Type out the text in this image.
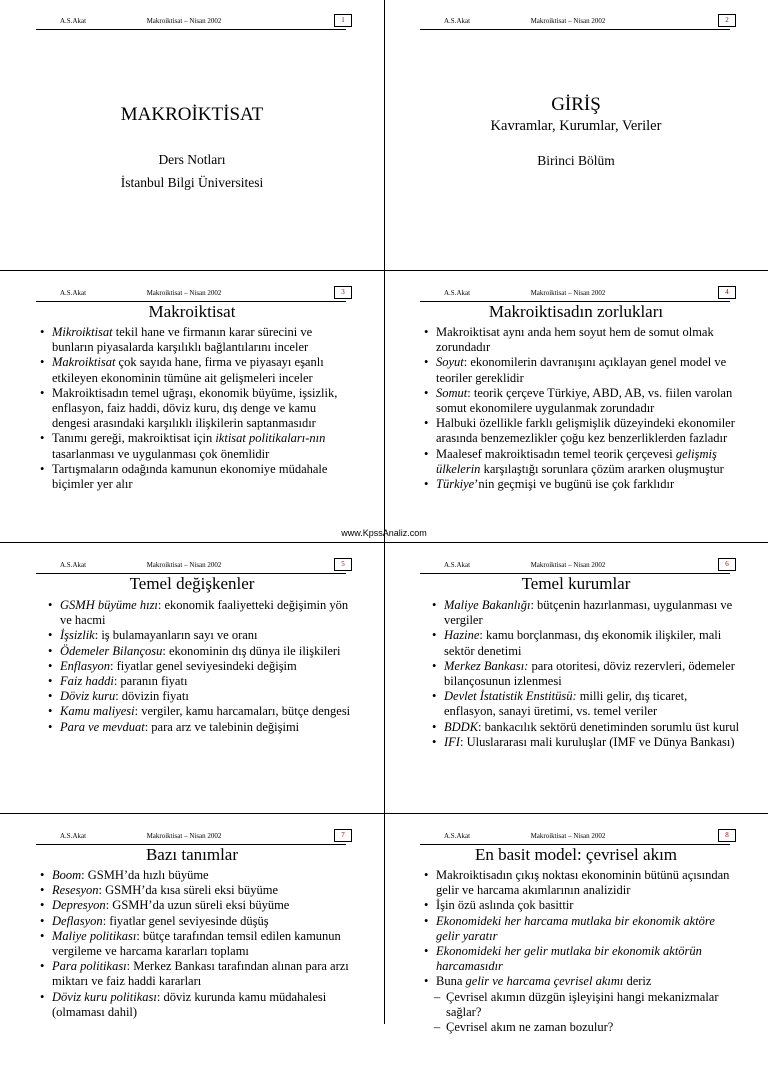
A.S.Akat	Makroiktisat – Nisan 2002	1
MAKROİKTİSAT
Ders Notları
İstanbul Bilgi Üniversitesi
A.S.Akat	Makroiktisat – Nisan 2002	2
GİRİŞ
Kavramlar, Kurumlar, Veriler
Birinci Bölüm
A.S.Akat	Makroiktisat – Nisan 2002	3
Makroiktisat
• Mikroiktisat tekil hane ve firmanın karar sürecini ve bunların piyasalarda karşılıklı bağlantılarını inceler
• Makroiktisat çok sayıda hane, firma ve piyasayı eşanlı etkileyen ekonominin tümüne ait gelişmeleri inceler
• Makroiktisadın temel uğraşı, ekonomik büyüme, işsizlik, enflasyon, faiz haddi, döviz kuru, dış denge ve kamu dengesi arasındaki karşılıklı ilişkilerin saptanmasıdır
• Tanımı gereği, makroiktisat için iktisat politikaları-nın tasarlanması ve uygulanması çok önemlidir
• Tartışmaların odağında kamunun ekonomiye müdahale biçimler yer alır
A.S.Akat	Makroiktisat – Nisan 2002	4
Makroiktisadın zorlukları
• Makroiktisat aynı anda hem soyut hem de somut olmak zorundadır
• Soyut: ekonomilerin davranışını açıklayan genel model ve teoriler gereklidir
• Somut: teorik çerçeve Türkiye, ABD, AB, vs. fiilen varolan somut ekonomilere uygulanmak zorundadır
• Halbuki özellikle farklı gelişmişlik düzeyindeki ekonomiler arasında benzemezlikler çoğu kez benzerliklerden fazladır
• Maalesef makroiktisadın temel teorik çerçevesi gelişmiş ülkelerin karşılaştığı sorunlara çözüm ararken oluşmuştur
• Türkiye’nin geçmişi ve bugünü ise çok farklıdır
A.S.Akat	Makroiktisat – Nisan 2002	5
Temel değişkenler
• GSMH büyüme hızı: ekonomik faaliyetteki değişimin yön ve hacmi
• İşsizlik: iş bulamayanların sayı ve oranı
• Ödemeler Bilançosu: ekonominin dış dünya ile ilişkileri
• Enflasyon: fiyatlar genel seviyesindeki değişim
• Faiz haddi: paranın fiyatı
• Döviz kuru: dövizin fiyatı
• Kamu maliyesi: vergiler, kamu harcamaları, bütçe dengesi
• Para ve mevduat: para arz ve talebinin değişimi
A.S.Akat	Makroiktisat – Nisan 2002	6
Temel kurumlar
• Maliye Bakanlığı: bütçenin hazırlanması, uygulanması ve vergiler
• Hazine: kamu borçlanması, dış ekonomik ilişkiler, mali sektör denetimi
• Merkez Bankası: para otoritesi, döviz rezervleri, ödemeler bilançosunun izlenmesi
• Devlet İstatistik Enstitüsü: milli gelir, dış ticaret, enflasyon, sanayi üretimi, vs. temel veriler
• BDDK: bankacılık sektörü denetiminden sorumlu üst kurul
• IFI: Uluslararası mali kuruluşlar (IMF ve Dünya Bankası)
A.S.Akat	Makroiktisat – Nisan 2002	7
Bazı tanımlar
• Boom: GSMH’da hızlı büyüme
• Resesyon: GSMH’da kısa süreli eksi büyüme
• Depresyon: GSMH’da uzun süreli eksi büyüme
• Deflasyon: fiyatlar genel seviyesinde düşüş
• Maliye politikası: bütçe tarafından temsil edilen kamunun vergileme ve harcama kararları toplamı
• Para politikası: Merkez Bankası tarafından alınan para arzı miktarı ve faiz haddi kararları
• Döviz kuru politikası: döviz kurunda kamu müdahalesi (olmaması dahil)
A.S.Akat	Makroiktisat – Nisan 2002	8
En basit model: çevrisel akım
• Makroiktisadın çıkış noktası ekonominin bütünü açısından gelir ve harcama akımlarının analizidir
• İşin özü aslında çok basittir
• Ekonomideki her harcama mutlaka bir ekonomik aktöre gelir yaratır
• Ekonomideki her gelir mutlaka bir ekonomik aktörün harcamasıdır
• Buna gelir ve harcama çevrisel akımı deriz
– Çevrisel akımın düzgün işleyişini hangi mekanizmalar sağlar?
– Çevrisel akım ne zaman bozulur?
www.KpssAnaliz.com
